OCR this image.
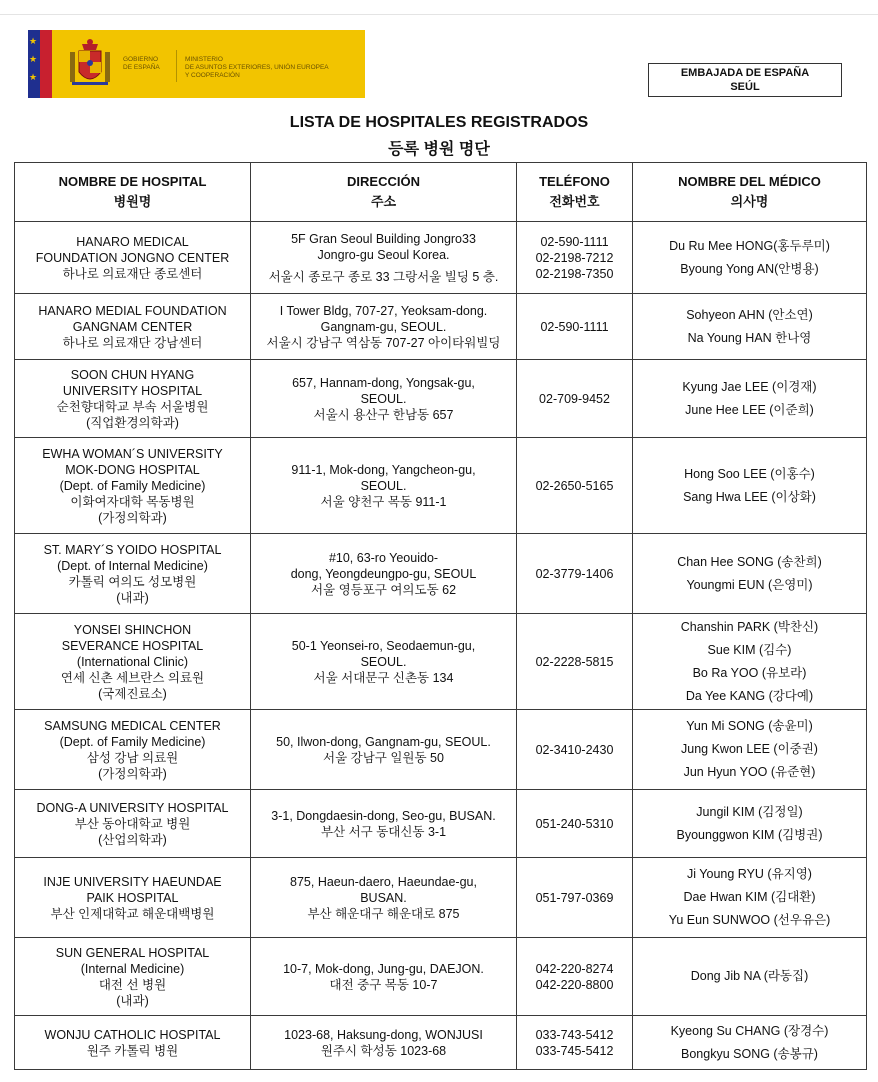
★
★
★
GOBIERNO
DE ESPAÑA
MINISTERIO
DE ASUNTOS EXTERIORES, UNIÓN EUROPEA
Y COOPERACIÓN	EMBAJADA DE ESPAÑA
SEÚL
LISTA DE HOSPITALES REGISTRADOS
등록 병원 명단
NOMBRE DE HOSPITAL
병원명	DIRECCIÓN
주소	TELÉFONO
전화번호	NOMBRE DEL MÉDICO
의사명

HANARO MEDICAL
FOUNDATION JONGNO CENTER
하나로 의료재단 종로센터	5F Gran Seoul Building Jongro33
Jongro-gu Seoul Korea.
서울시 종로구 종로 33 그랑서울 빌딩 5 층.	02-590-1111
02-2198-7212
02-2198-7350	Du Ru Mee HONG(홍두루미)
Byoung Yong AN(안병용)

HANARO MEDIAL FOUNDATION
GANGNAM CENTER
하나로 의료재단 강남센터	I Tower Bldg, 707-27, Yeoksam-dong.
Gangnam-gu, SEOUL.
서울시 강남구 역삼동 707-27 아이타워빌딩	02-590-1111	Sohyeon AHN (안소연)
Na Young HAN 한나영

SOON CHUN HYANG
UNIVERSITY HOSPITAL
순천향대학교 부속 서울병원
(직업환경의학과)	657, Hannam-dong, Yongsak-gu,
SEOUL.
서울시 용산구 한남동 657	02-709-9452	Kyung Jae LEE (이경재)
June Hee LEE (이준희)

EWHA WOMAN´S UNIVERSITY
MOK-DONG HOSPITAL
(Dept. of Family Medicine)
이화여자대학 목동병원
(가정의학과)	911-1, Mok-dong, Yangcheon-gu,
SEOUL.
서울 양천구 목동 911-1	02-2650-5165	Hong Soo LEE (이홍수)
Sang Hwa LEE (이상화)

ST. MARY´S YOIDO HOSPITAL
(Dept. of Internal Medicine)
카톨릭 여의도 성모병원
(내과)	#10, 63-ro Yeouido-
dong, Yeongdeungpo-gu, SEOUL
서울 영등포구 여의도동 62	02-3779-1406	Chan Hee SONG (송찬희)
Youngmi EUN (은영미)

YONSEI SHINCHON
SEVERANCE HOSPITAL
(International Clinic)
연세 신촌 세브란스 의료원
(국제진료소)	50-1 Yeonsei-ro, Seodaemun-gu,
SEOUL.
서울 서대문구 신촌동 134	02-2228-5815	Chanshin PARK (박찬신)
Sue KIM (김수)
Bo Ra YOO (유보라)
Da Yee KANG (강다예)

SAMSUNG MEDICAL CENTER
(Dept. of Family Medicine)
삼성 강남 의료원
(가정의학과)	50, Ilwon-dong, Gangnam-gu, SEOUL.
서울 강남구 일원동 50	02-3410-2430	Yun Mi SONG (송윤미)
Jung Kwon LEE (이중권)
Jun Hyun YOO (유준현)

DONG-A UNIVERSITY HOSPITAL
부산 동아대학교 병원
(산업의학과)	3-1, Dongdaesin-dong, Seo-gu, BUSAN.
부산 서구 동대신동 3-1	051-240-5310	Jungil KIM (김정일)
Byounggwon KIM (김병권)

INJE UNIVERSITY HAEUNDAE
PAIK HOSPITAL
부산 인제대학교 해운대백병원	875, Haeun-daero, Haeundae-gu,
BUSAN.
부산 해운대구 해운대로 875	051-797-0369	Ji Young RYU (유지영)
Dae Hwan KIM (김대환)
Yu Eun SUNWOO (선우유은)

SUN GENERAL HOSPITAL
(Internal Medicine)
대전 선 병원
(내과)	10-7, Mok-dong, Jung-gu, DAEJON.
대전 중구 목동 10-7	042-220-8274
042-220-8800	Dong Jib NA (라동집)

WONJU CATHOLIC HOSPITAL
원주 카톨릭 병원	1023-68, Haksung-dong, WONJUSI
원주시 학성동 1023-68	033-743-5412
033-745-5412	Kyeong Su CHANG (장경수)
Bongkyu SONG (송봉규)
